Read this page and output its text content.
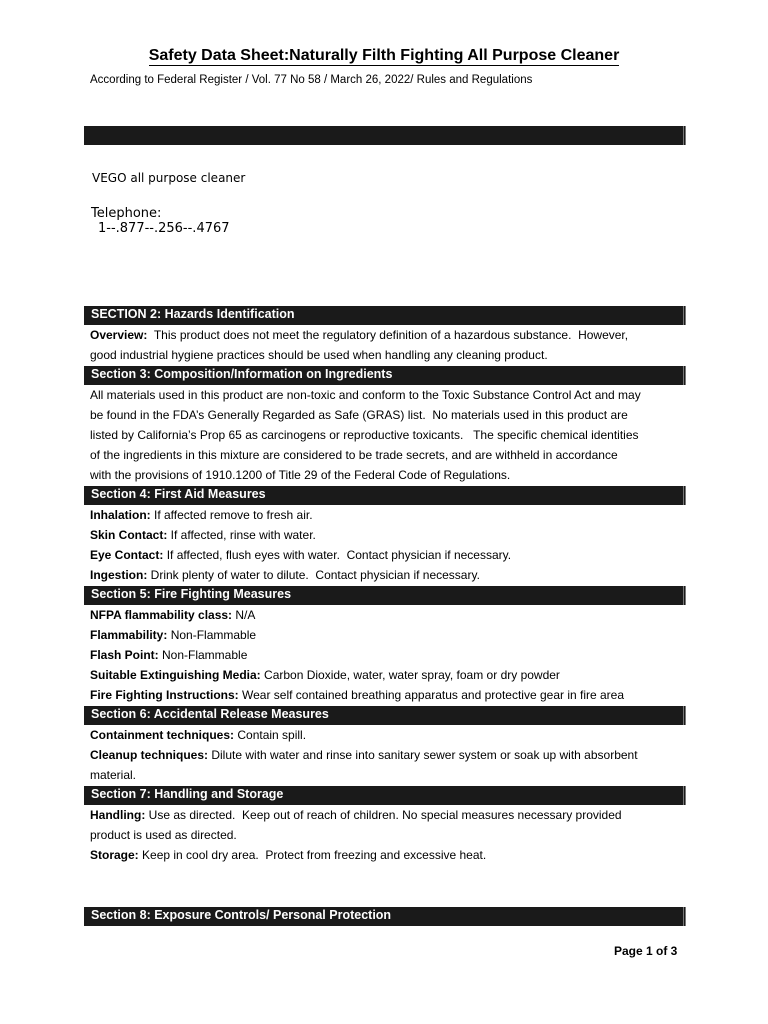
Safety Data Sheet:Naturally Filth Fighting All Purpose Cleaner
According to Federal Register / Vol. 77 No 58 / March 26, 2022/ Rules and Regulations
VEGO all purpose cleaner
Telephone:
1--.877--.256--.4767
SECTION 2: Hazards Identification
Overview:  This product does not meet the regulatory definition of a hazardous substance.  However,
good industrial hygiene practices should be used when handling any cleaning product.
Section 3: Composition/Information on Ingredients
All materials used in this product are non-toxic and conform to the Toxic Substance Control Act and may
be found in the FDA’s Generally Regarded as Safe (GRAS) list.  No materials used in this product are
listed by California’s Prop 65 as carcinogens or reproductive toxicants.   The specific chemical identities
of the ingredients in this mixture are considered to be trade secrets, and are withheld in accordance
with the provisions of 1910.1200 of Title 29 of the Federal Code of Regulations.
Section 4: First Aid Measures
Inhalation: If affected remove to fresh air.
Skin Contact: If affected, rinse with water.
Eye Contact: If affected, flush eyes with water.  Contact physician if necessary.
Ingestion: Drink plenty of water to dilute.  Contact physician if necessary.
Section 5: Fire Fighting Measures
NFPA flammability class: N/A
Flammability: Non-Flammable
Flash Point: Non-Flammable
Suitable Extinguishing Media: Carbon Dioxide, water, water spray, foam or dry powder
Fire Fighting Instructions: Wear self contained breathing apparatus and protective gear in fire area
Section 6: Accidental Release Measures
Containment techniques: Contain spill.
Cleanup techniques: Dilute with water and rinse into sanitary sewer system or soak up with absorbent
material.
Section 7: Handling and Storage
Handling: Use as directed.  Keep out of reach of children. No special measures necessary provided
product is used as directed.
Storage: Keep in cool dry area.  Protect from freezing and excessive heat.
Section 8: Exposure Controls/ Personal Protection
Page 1 of 3
